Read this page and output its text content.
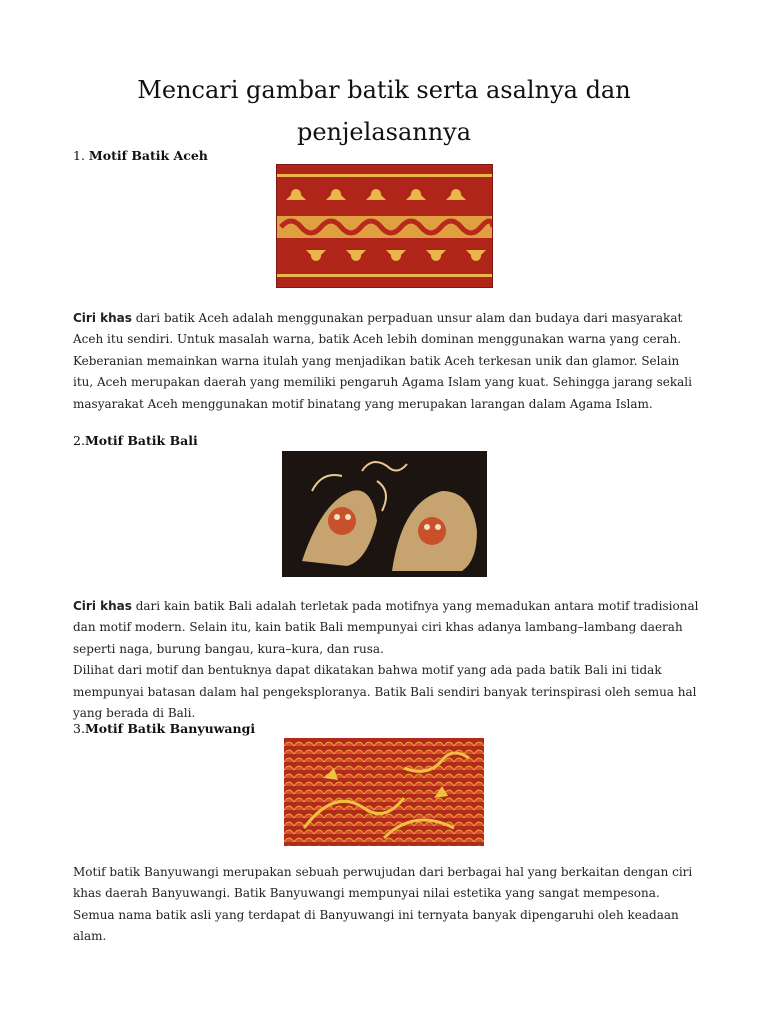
Mencari gambar batik serta asalnya dan
penjelasannya
1. Motif Batik Aceh
Ciri khas dari batik Aceh adalah menggunakan perpaduan unsur alam dan budaya dari masyarakat Aceh itu sendiri. Untuk masalah warna, batik Aceh lebih dominan menggunakan warna yang cerah. Keberanian memainkan warna itulah yang menjadikan batik Aceh terkesan unik dan glamor. Selain itu, Aceh merupakan daerah yang memiliki pengaruh Agama Islam yang kuat. Sehingga jarang sekali masyarakat Aceh menggunakan motif binatang yang merupakan larangan dalam Agama Islam.
2.Motif Batik Bali
Ciri khas dari kain batik Bali adalah terletak pada motifnya yang memadukan antara motif tradisional dan motif modern. Selain itu, kain batik Bali mempunyai ciri khas adanya lambang–lambang daerah seperti naga, burung bangau, kura–kura, dan rusa.
Dilihat dari motif dan bentuknya dapat dikatakan bahwa motif yang ada pada batik Bali ini tidak mempunyai batasan dalam hal pengeksploranya. Batik Bali sendiri banyak terinspirasi oleh semua hal yang berada di Bali.
3.Motif Batik Banyuwangi
Motif batik Banyuwangi merupakan sebuah perwujudan dari berbagai hal yang berkaitan dengan ciri khas daerah Banyuwangi. Batik Banyuwangi mempunyai nilai estetika yang sangat mempesona. Semua nama batik asli yang terdapat di Banyuwangi ini ternyata banyak dipengaruhi oleh keadaan alam.
